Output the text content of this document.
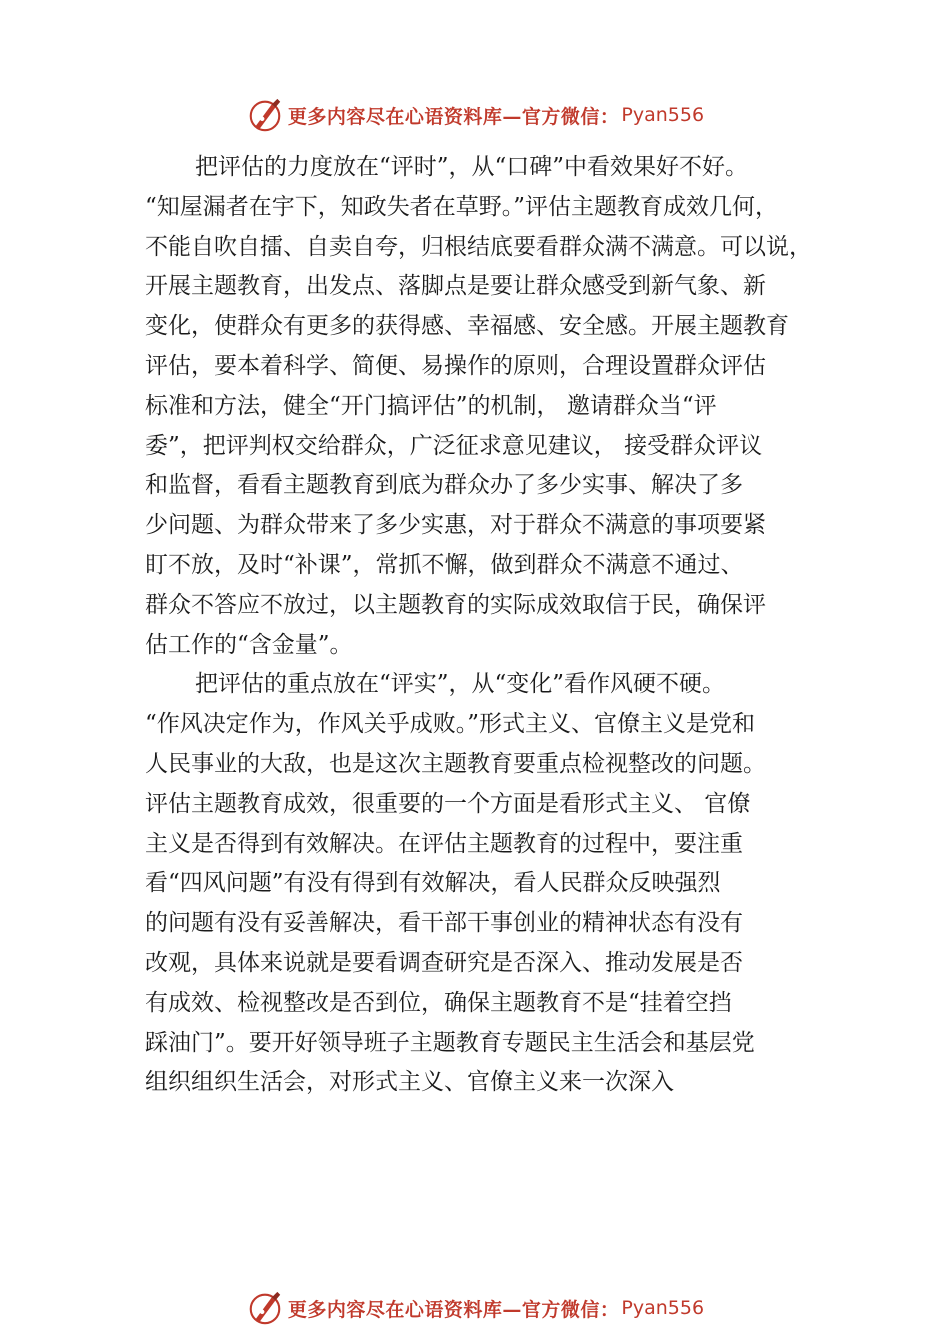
更多内容尽在心语资料库—官方微信： Pyan556
把评估的力度放在“评时”，从“口碑”中看效果好不好。
“知屋漏者在宇下，知政失者在草野。”评估主题教育成效几何，
不能自吹自擂、自卖自夸，归根结底要看群众满不满意。可以说，
开展主题教育，出发点、落脚点是要让群众感受到新气象、新
变化，使群众有更多的获得感、幸福感、安全感。开展主题教育
评估，要本着科学、简便、易操作的原则，合理设置群众评估
标准和方法，健全“开门搞评估”的机制， 邀请群众当“评
委”，把评判权交给群众，广泛征求意见建议， 接受群众评议
和监督，看看主题教育到底为群众办了多少实事、解决了多
少问题、为群众带来了多少实惠，对于群众不满意的事项要紧
盯不放，及时“补课”，常抓不懈，做到群众不满意不通过、
群众不答应不放过，以主题教育的实际成效取信于民，确保评
估工作的“含金量”。
把评估的重点放在“评实”，从“变化”看作风硬不硬。
“作风决定作为，作风关乎成败。”形式主义、官僚主义是党和
人民事业的大敌，也是这次主题教育要重点检视整改的问题。
评估主题教育成效，很重要的一个方面是看形式主义、 官僚
主义是否得到有效解决。在评估主题教育的过程中，要注重
看“四风问题”有没有得到有效解决，看人民群众反映强烈
的问题有没有妥善解决，看干部干事创业的精神状态有没有
改观，具体来说就是要看调查研究是否深入、推动发展是否
有成效、检视整改是否到位，确保主题教育不是“挂着空挡
踩油门”。要开好领导班子主题教育专题民主生活会和基层党
组织组织生活会，对形式主义、官僚主义来一次深入
更多内容尽在心语资料库—官方微信： Pyan556
